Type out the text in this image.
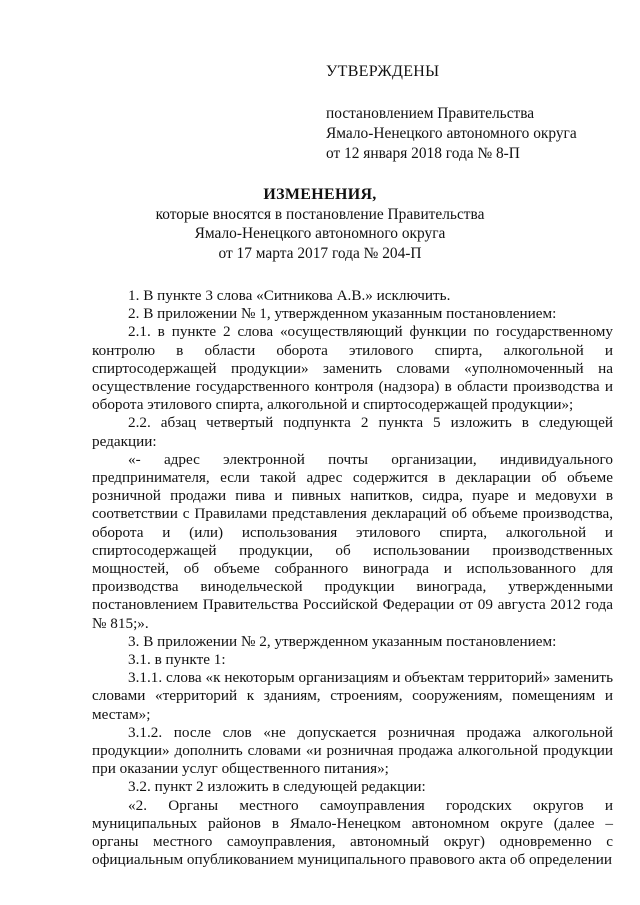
УТВЕРЖДЕНЫ
постановлением Правительства
Ямало-Ненецкого автономного округа
от 12 января 2018 года № 8-П
ИЗМЕНЕНИЯ,
которые вносятся в постановление Правительства
Ямало-Ненецкого автономного округа
от 17 марта 2017 года № 204-П

1. В пункте 3 слова «Ситникова А.В.» исключить.

2. В приложении № 1, утвержденном указанным постановлением:

2.1. в пункте 2 слова «осуществляющий функции по государственному контролю в области оборота этилового спирта, алкогольной и спиртосодержащей продукции» заменить словами «уполномоченный на осуществление государственного контроля (надзора) в области производства и оборота этилового спирта, алкогольной и спиртосодержащей продукции»;

2.2. абзац четвертый подпункта 2 пункта 5 изложить в следующей редакции:

«- адрес электронной почты организации, индивидуального предпринимателя, если такой адрес содержится в декларации об объеме розничной продажи пива и пивных напитков, сидра, пуаре и медовухи в соответствии с Правилами представления деклараций об объеме производства, оборота и (или) использования этилового спирта, алкогольной и спиртосодержащей продукции, об использовании производственных мощностей, об объеме собранного винограда и использованного для производства винодельческой продукции винограда, утвержденными постановлением Правительства Российской Федерации от 09 августа 2012 года № 815;».

3. В приложении № 2, утвержденном указанным постановлением:

3.1. в пункте 1:

3.1.1. слова «к некоторым организациям и объектам территорий» заменить словами «территорий к зданиям, строениям, сооружениям, помещениям и местам»;

3.1.2. после слов «не допускается розничная продажа алкогольной продукции» дополнить словами «и розничная продажа алкогольной продукции при оказании услуг общественного питания»;

3.2. пункт 2 изложить в следующей редакции:

«2. Органы местного самоуправления городских округов и муниципальных районов в Ямало-Ненецком автономном округе (далее – органы местного самоуправления, автономный округ) одновременно с официальным опубликованием муниципального правового акта об определении
